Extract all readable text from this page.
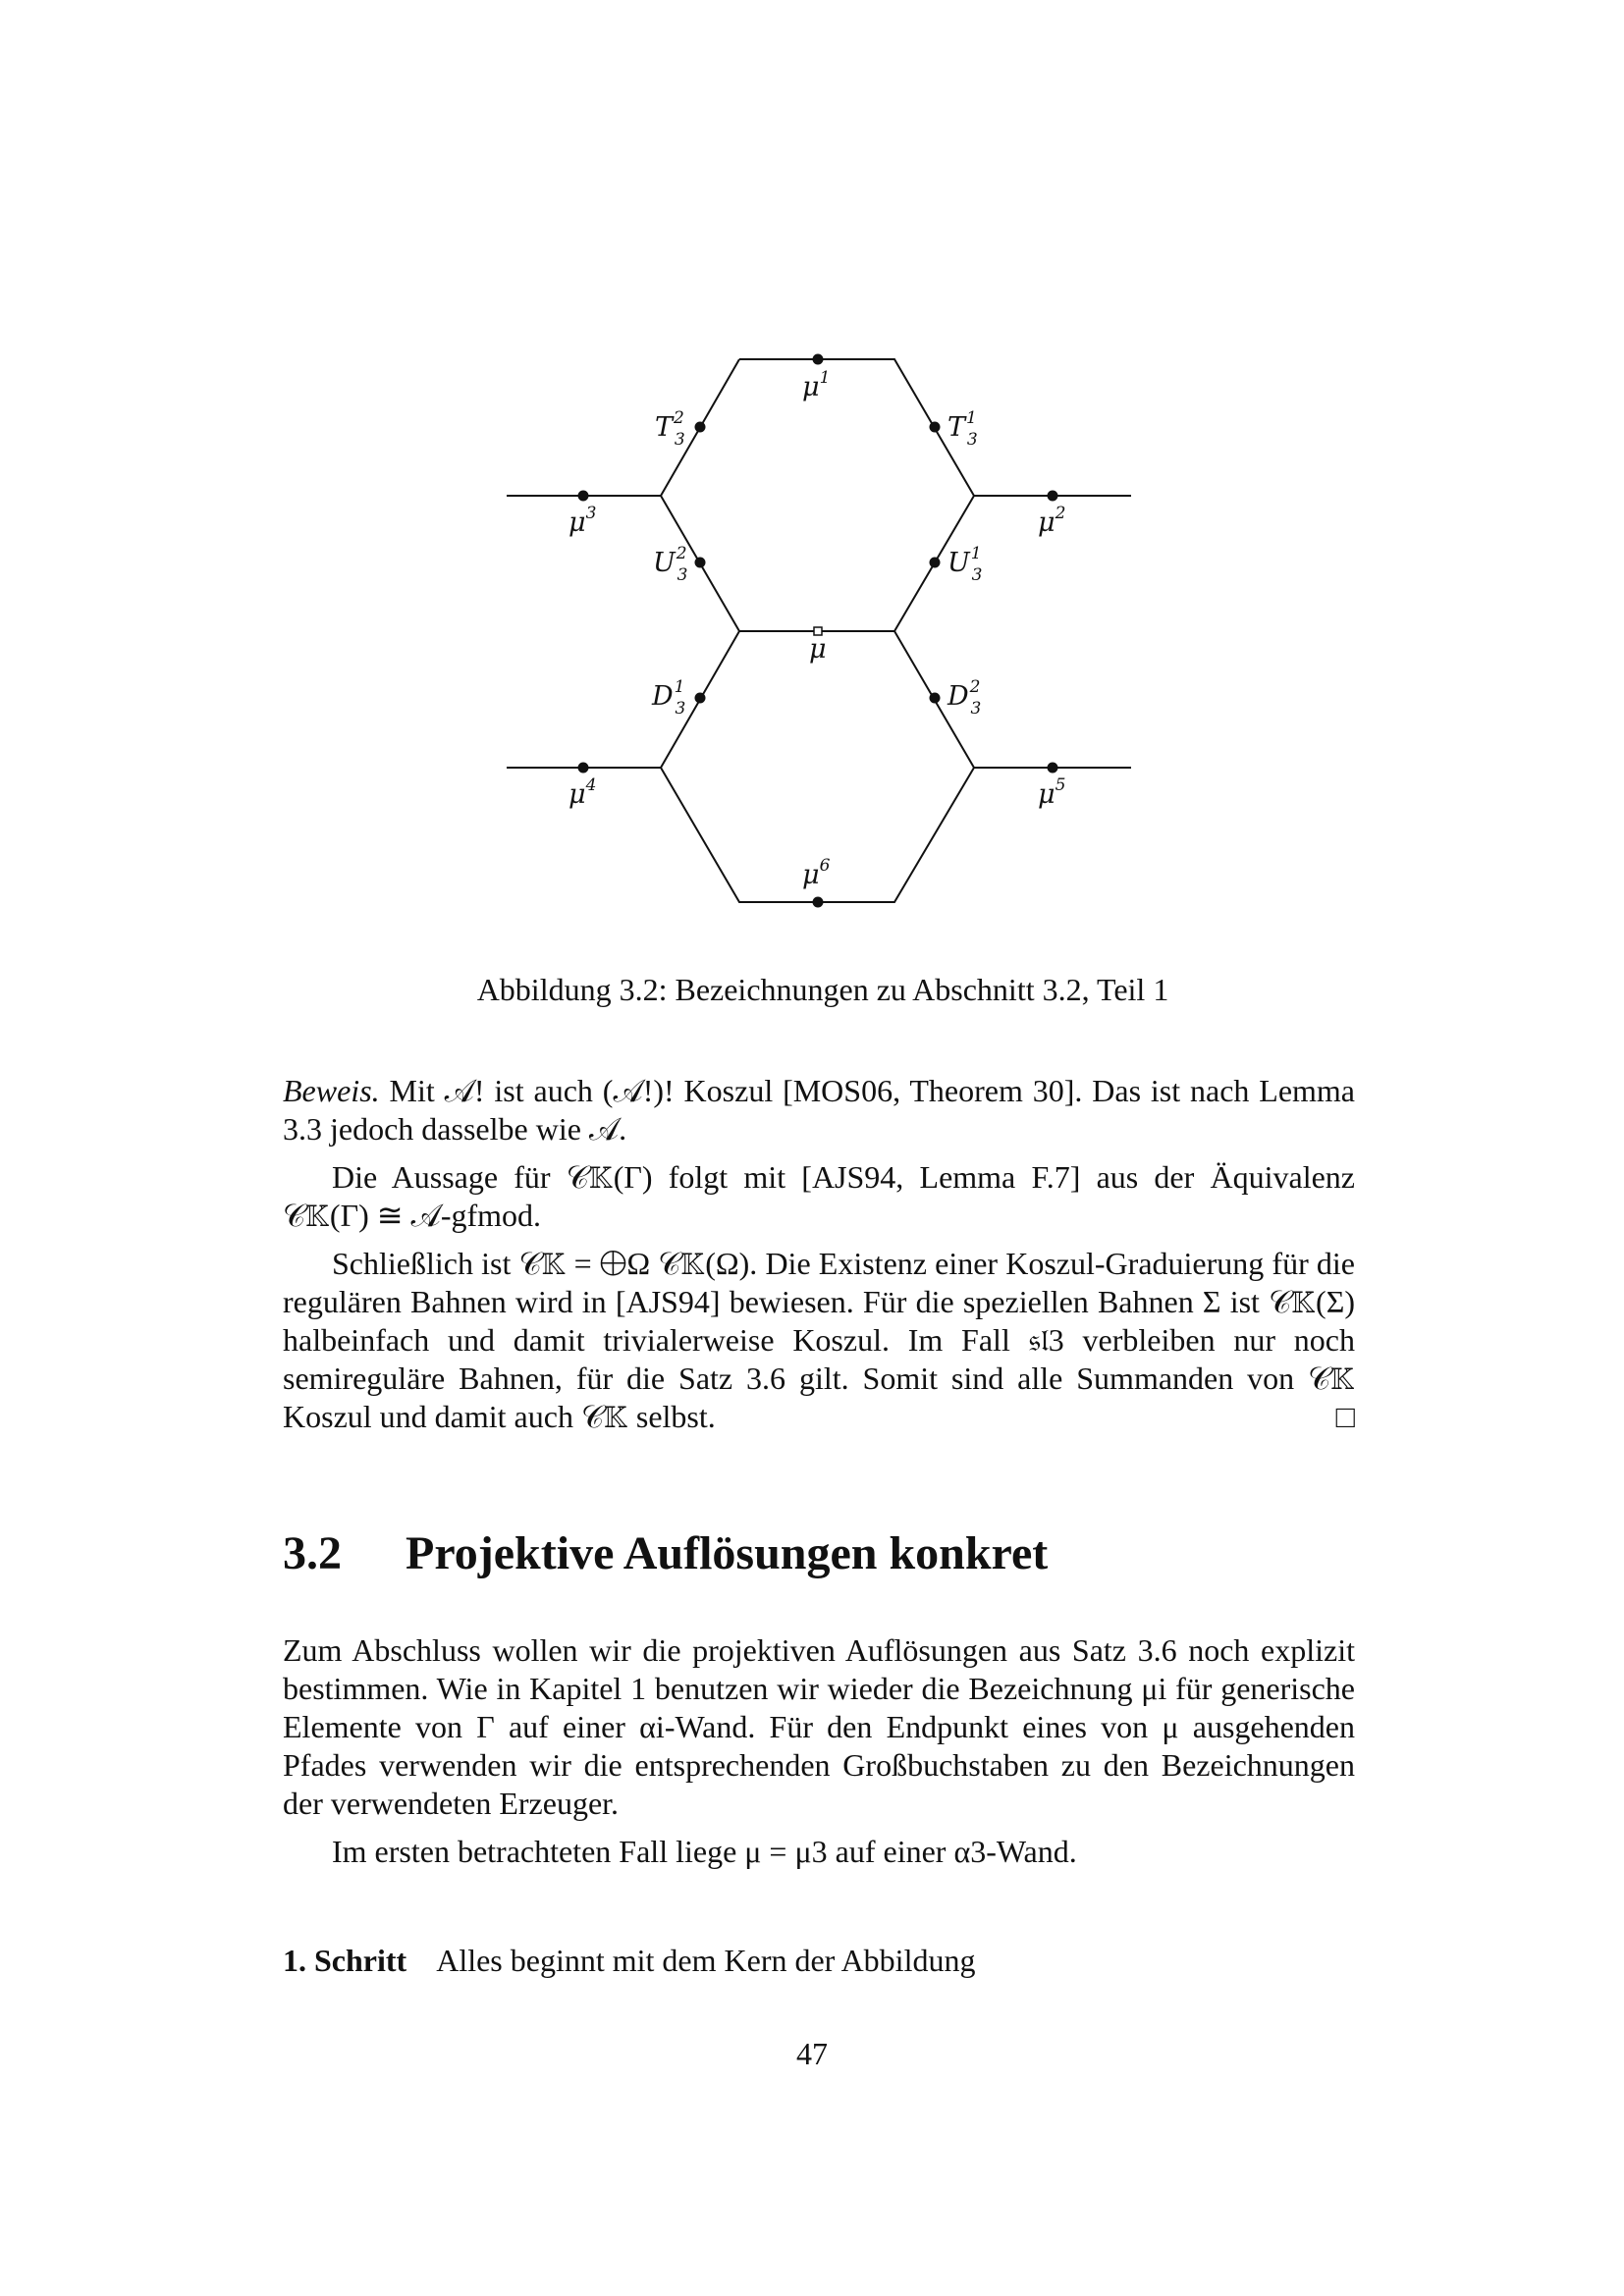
$\mu^1$
$T^2$ 3	$T^1$ 3
$\mu^3$	$\mu^2$
$U^2$ 3	$U^1$ 3
μ
$D^1$ 3	$D^2$ 3
$\mu^4$	$\mu^5$
$\mu^6$
Abbildung 3.2: Bezeichnungen zu Abschnitt 3.2, Teil 1

Beweis. Mit 𝒜! ist auch (𝒜!)! Koszul [MOS06, Theorem 30]. Das ist nach Lemma 3.3 jedoch dasselbe wie 𝒜.

Die Aussage für 𝒞𝕂(Γ) folgt mit [AJS94, Lemma F.7] aus der Äquivalenz 𝒞𝕂(Γ) ≅ 𝒜-gfmod.

Schließlich ist 𝒞𝕂 = ⨁Ω 𝒞𝕂(Ω). Die Existenz einer Koszul-Graduierung für die regulären Bahnen wird in [AJS94] bewiesen. Für die speziellen Bahnen Σ ist 𝒞𝕂(Σ) halbeinfach und damit trivialerweise Koszul. Im Fall 𝔰𝔩3 verbleiben nur noch semireguläre Bahnen, für die Satz 3.6 gilt. Somit sind alle Summanden von 𝒞𝕂 Koszul und damit auch 𝒞𝕂 selbst.	□

3.2 Projektive Auflösungen konkret

Zum Abschluss wollen wir die projektiven Auflösungen aus Satz 3.6 noch explizit bestimmen. Wie in Kapitel 1 benutzen wir wieder die Bezeichnung μi für generische Elemente von Γ auf einer αi-Wand. Für den Endpunkt eines von μ ausgehenden Pfades verwenden wir die entsprechenden Großbuchstaben zu den Bezeichnungen der verwendeten Erzeuger.

Im ersten betrachteten Fall liege μ = μ3 auf einer α3-Wand.

1. Schritt Alles beginnt mit dem Kern der Abbildung
47
